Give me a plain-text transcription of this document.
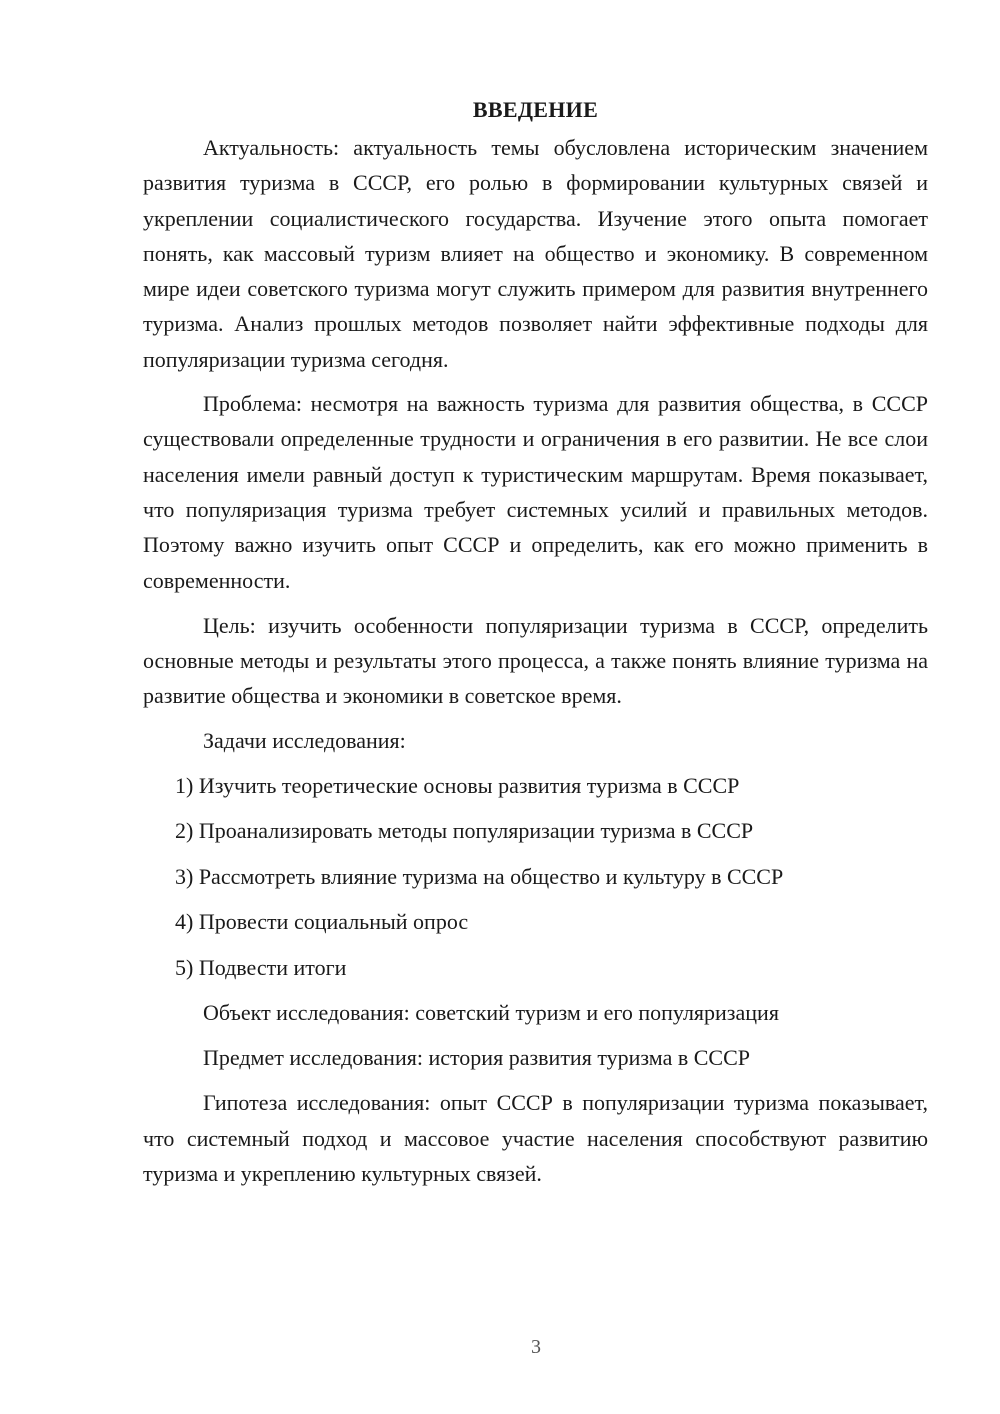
ВВЕДЕНИЕ

Актуальность: актуальность темы обусловлена историческим значением развития туризма в СССР, его ролью в формировании культурных связей и укреплении социалистического государства. Изучение этого опыта помогает понять, как массовый туризм влияет на общество и экономику. В современном мире идеи советского туризма могут служить примером для развития внутреннего туризма. Анализ прошлых методов позволяет найти эффективные подходы для популяризации туризма сегодня.

Проблема: несмотря на важность туризма для развития общества, в СССР существовали определенные трудности и ограничения в его развитии. Не все слои населения имели равный доступ к туристическим маршрутам. Время показывает, что популяризация туризма требует системных усилий и правильных методов. Поэтому важно изучить опыт СССР и определить, как его можно применить в современности.

Цель: изучить особенности популяризации туризма в СССР, определить основные методы и результаты этого процесса, а также понять влияние туризма на развитие общества и экономики в советское время.

Задачи исследования:

1) Изучить теоретические основы развития туризма в СССР

2) Проанализировать методы популяризации туризма в СССР

3) Рассмотреть влияние туризма на общество и культуру в СССР

4) Провести социальный опрос

5) Подвести итоги

Объект исследования: советский туризм и его популяризация

Предмет исследования: история развития туризма в СССР

Гипотеза исследования: опыт СССР в популяризации туризма показывает, что системный подход и массовое участие населения способствуют развитию туризма и укреплению культурных связей.

3
